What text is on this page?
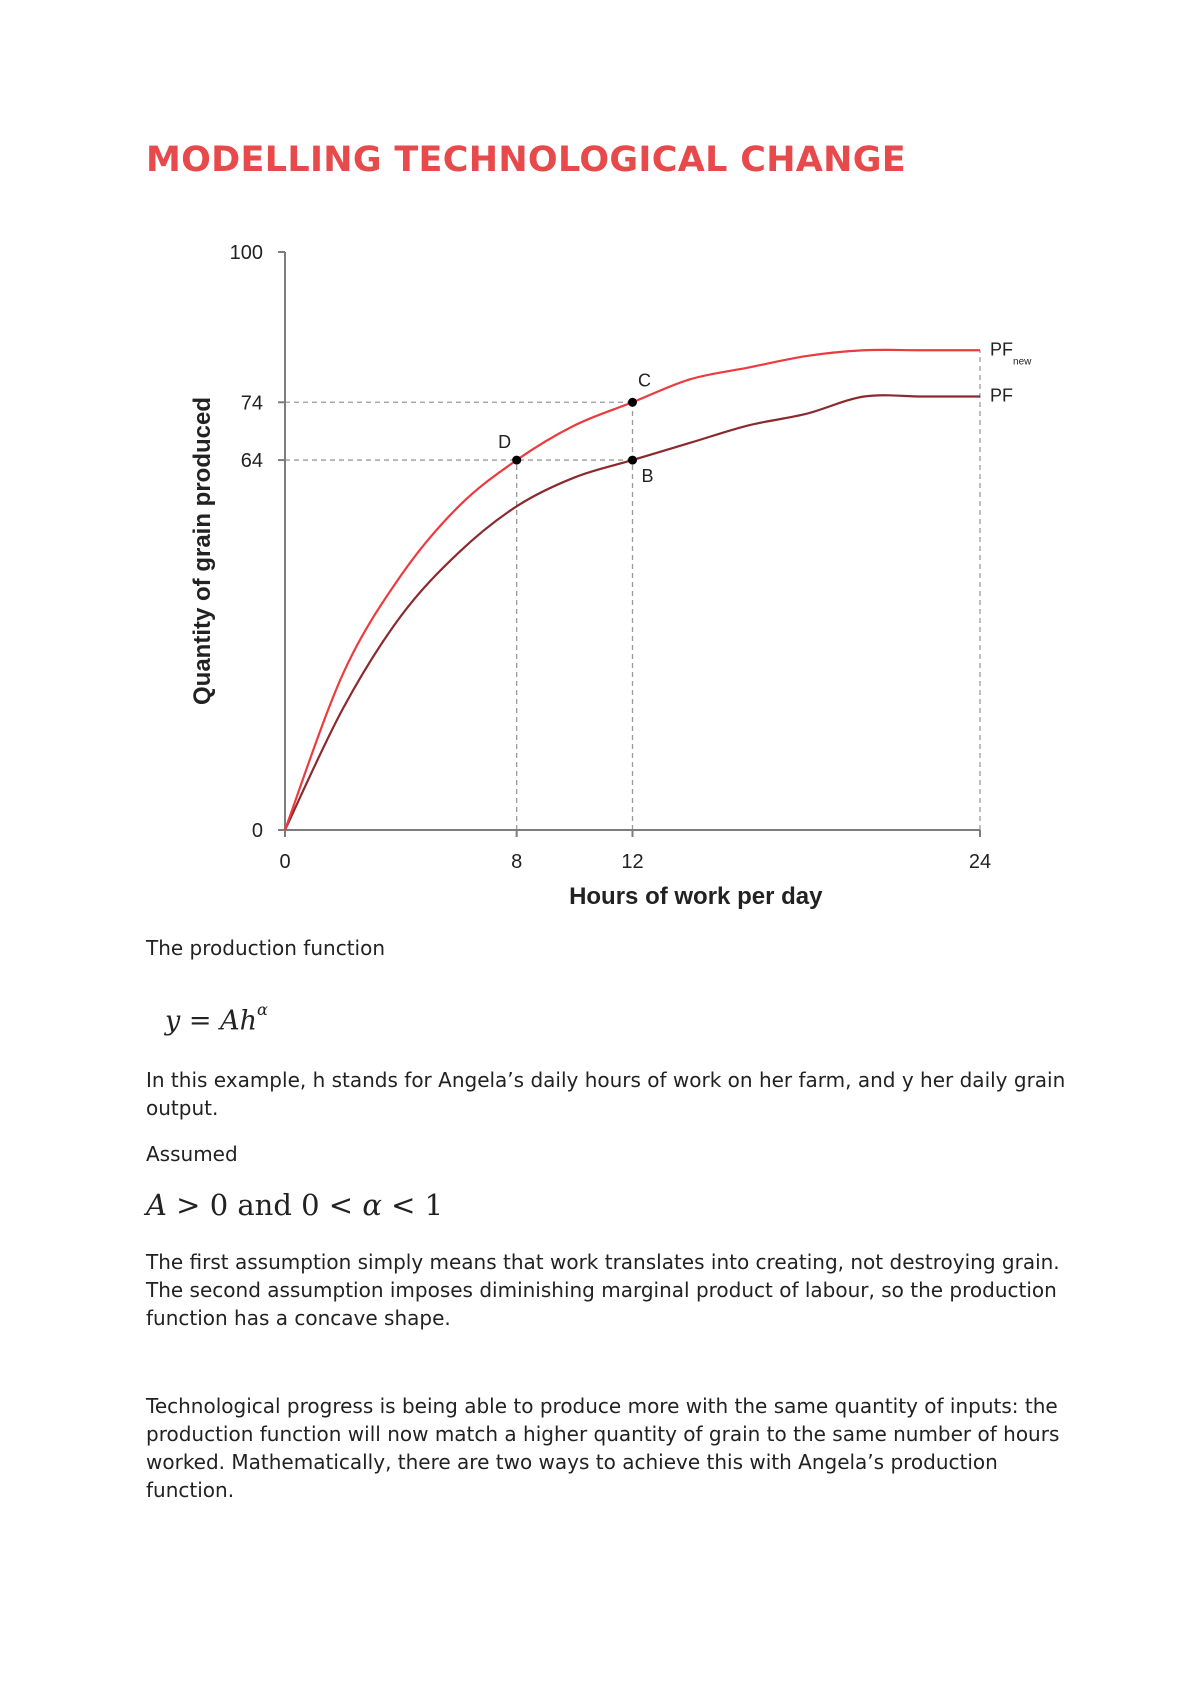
MODELLING TECHNOLOGICAL CHANGE
PF
$PF_{new}$
D
C
B
0
64
74
100
0	8	12	24
Hours of work per day
Quantity of grain produced

The production function

$y = Ah^\alpha$

In this example, h stands for Angela’s daily hours of work on her farm, and y her daily grain output.

Assumed

A > 0 and 0 < α < 1

The first assumption simply means that work translates into creating, not destroying grain. The second assumption imposes diminishing marginal product of labour, so the production function has a concave shape.

Technological progress is being able to produce more with the same quantity of inputs: the production function will now match a higher quantity of grain to the same number of hours worked. Mathematically, there are two ways to achieve this with Angela’s production function.
